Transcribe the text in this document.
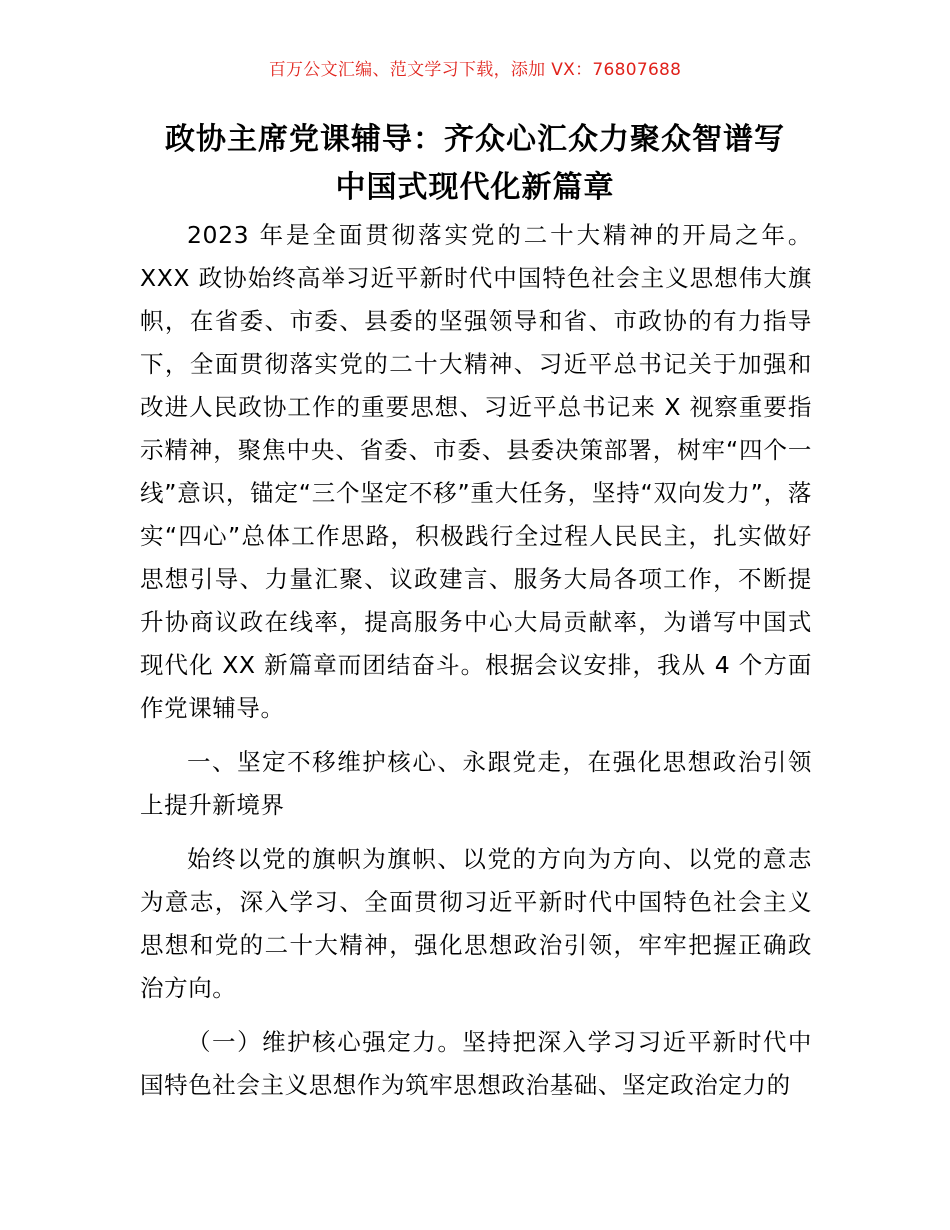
百万公文汇编、范文学习下载，添加 VX：76807688
政协主席党课辅导：齐众心汇众力聚众智谱写
中国式现代化新篇章

2023 年是全面贯彻落实党的二十大精神的开局之年。XXX 政协始终高举习近平新时代中国特色社会主义思想伟大旗帜，在省委、市委、县委的坚强领导和省、市政协的有力指导下，全面贯彻落实党的二十大精神、习近平总书记关于加强和改进人民政协工作的重要思想、习近平总书记来 X 视察重要指示精神，聚焦中央、省委、市委、县委决策部署，树牢“四个一线”意识，锚定“三个坚定不移”重大任务，坚持“双向发力”，落实“四心”总体工作思路，积极践行全过程人民民主，扎实做好思想引导、力量汇聚、议政建言、服务大局各项工作，不断提升协商议政在线率，提高服务中心大局贡献率，为谱写中国式现代化 XX 新篇章而团结奋斗。根据会议安排，我从 4 个方面作党课辅导。

一、坚定不移维护核心、永跟党走，在强化思想政治引领上提升新境界

始终以党的旗帜为旗帜、以党的方向为方向、以党的意志为意志，深入学习、全面贯彻习近平新时代中国特色社会主义思想和党的二十大精神，强化思想政治引领，牢牢把握正确政治方向。

（一）维护核心强定力。坚持把深入学习习近平新时代中国特色社会主义思想作为筑牢思想政治基础、坚定政治定力的
